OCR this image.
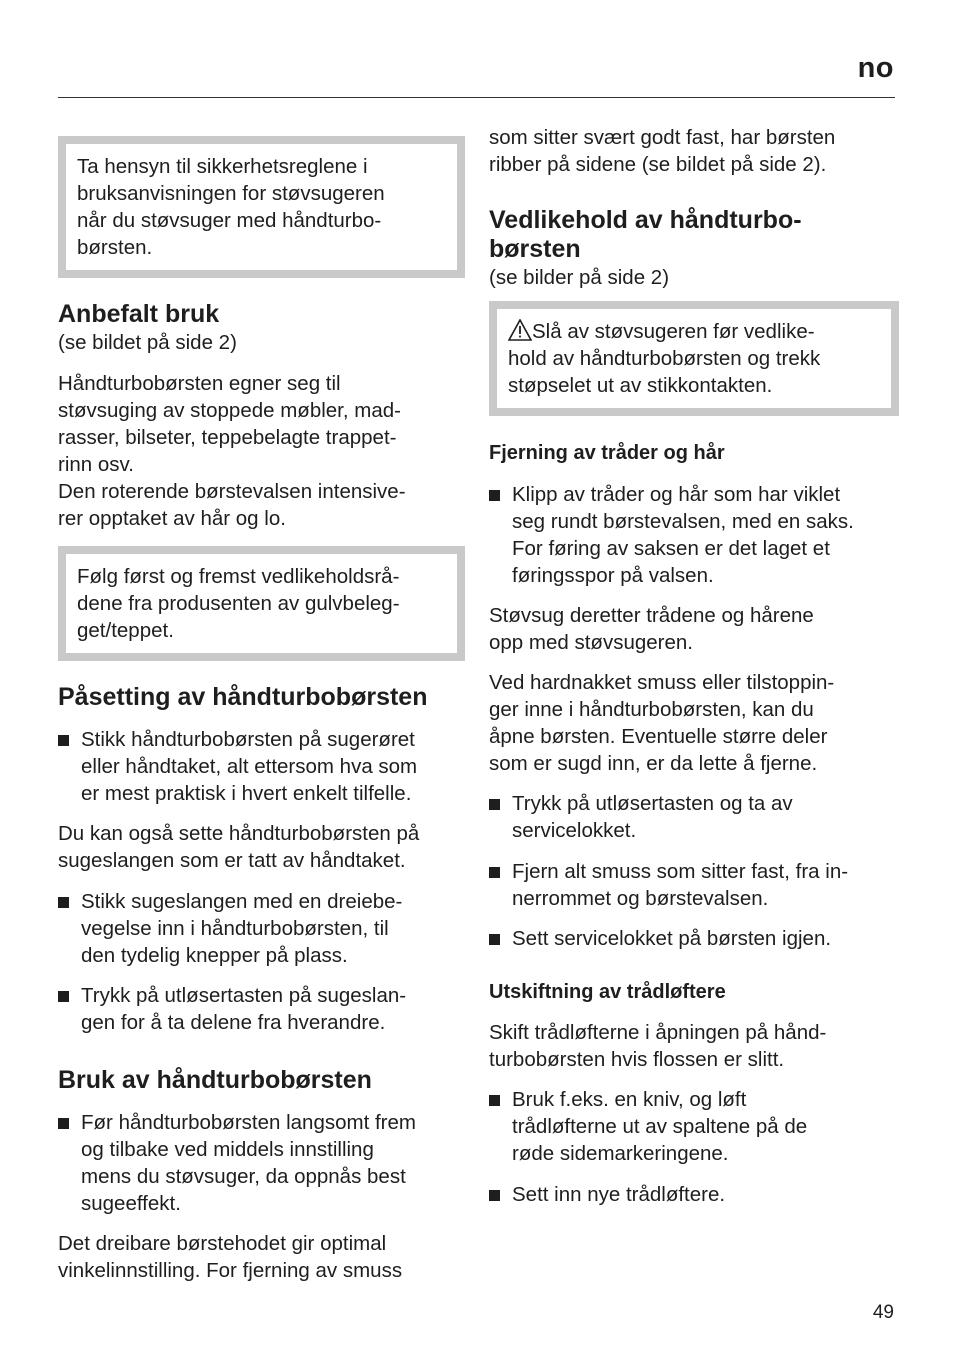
no
Ta hensyn til sikkerhetsreglene i
bruksanvisningen for støvsugeren
når du støvsuger med håndturbo-
børsten.
Anbefalt bruk

(se bildet på side 2)

Håndturbobørsten egner seg til
støvsuging av stoppede møbler, mad-
rasser, bilseter, teppebelagte trappet-
rinn osv.

Den roterende børstevalsen intensive-
rer opptaket av hår og lo.

Følg først og fremst vedlikeholdsrå-
dene fra produsenten av gulvbeleg-
get/teppet.
Påsetting av håndturbobørsten
Stikk håndturbobørsten på sugerøret
eller håndtaket, alt ettersom hva som
er mest praktisk i hvert enkelt tilfelle.

Du kan også sette håndturbobørsten på
sugeslangen som er tatt av håndtaket.

Stikk sugeslangen med en dreiebe-
vegelse inn i håndturbobørsten, til
den tydelig knepper på plass.
Trykk på utløsertasten på sugeslan-
gen for å ta delene fra hverandre.
Bruk av håndturbobørsten
Før håndturbobørsten langsomt frem
og tilbake ved middels innstilling
mens du støvsuger, da oppnås best
sugeeffekt.

Det dreibare børstehodet gir optimal
vinkelinnstilling. For fjerning av smuss

som sitter svært godt fast, har børsten
ribber på sidene (se bildet på side 2).

Vedlikehold av håndturbo-
børsten

(se bilder på side 2)

Slå av støvsugeren før vedlike-
hold av håndturbobørsten og trekk
støpselet ut av stikkontakten.
Fjerning av tråder og hår
Klipp av tråder og hår som har viklet
seg rundt børstevalsen, med en saks.
For føring av saksen er det laget et
føringsspor på valsen.

Støvsug deretter trådene og hårene
opp med støvsugeren.

Ved hardnakket smuss eller tilstoppin-
ger inne i håndturbobørsten, kan du
åpne børsten. Eventuelle større deler
som er sugd inn, er da lette å fjerne.

Trykk på utløsertasten og ta av
servicelokket.
Fjern alt smuss som sitter fast, fra in-
nerrommet og børstevalsen.
Sett servicelokket på børsten igjen.
Utskiftning av trådløftere

Skift trådløfterne i åpningen på hånd-
turbobørsten hvis flossen er slitt.

Bruk f.eks. en kniv, og løft
trådløfterne ut av spaltene på de
røde sidemarkeringene.
Sett inn nye trådløftere.
49
